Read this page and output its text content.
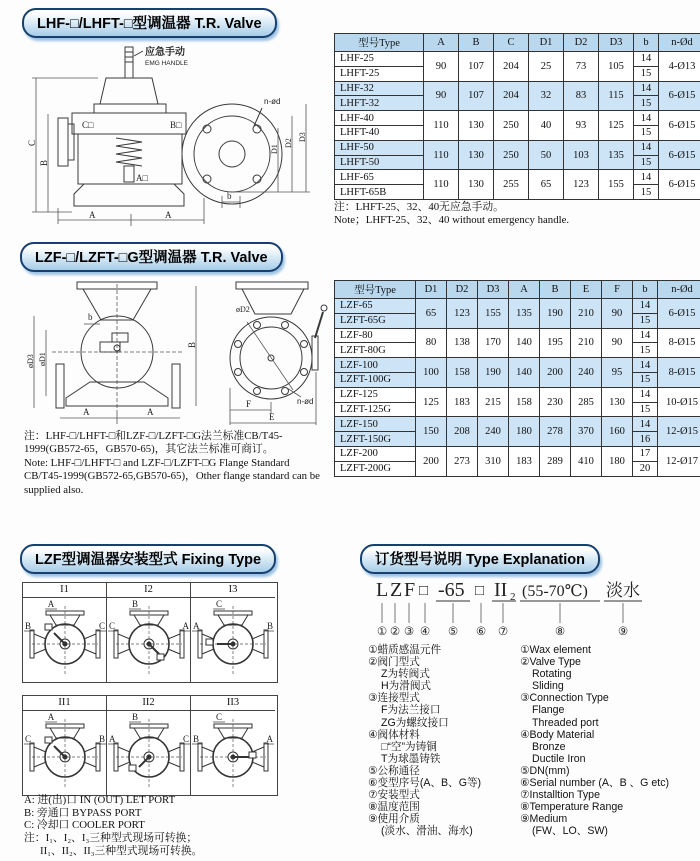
LHF-□/LHFT-□型调温器 T.R. Valve
应急手动
EMG HANDLE
n-ød
C
B
A	A
D1
D2
D3
b
C□	B□
A□
型号Type	A	B	C	D1	D2	D3	b	n-Ød
LHF-25	90	107	204	25	73	105	14	4-Ø13
LHFT-25							15	
LHF-32	90	107	204	32	83	115	14	6-Ø15
LHFT-32							15	
LHF-40	110	130	250	40	93	125	14	6-Ø15
LHFT-40							15	
LHF-50	110	130	250	50	103	135	14	6-Ø15
LHFT-50							15	
LHF-65	110	130	255	65	123	155	14	6-Ø15
LHFT-65B							15	
注：LHFT-25、32、40无应急手动。
Note；LHFT-25、32、40 without emergency handle.
LZF-□/LZFT-□G型调温器 T.R. Valve
b
øD3 øD1
A	A
B
øD2
F
E
n-ød
注：LHF-□/LHFT-□和LZF-□/LZFT-□G法兰标准CB/T45-
1999(GB572-65，GB570-65)，其它法兰标准可商订。
Note: LHF-□/LHFT-□ and LZF-□/LZFT-□G Flange Standard
CB/T45-1999(GB572-65,GB570-65)，Other flange standard can be
supplied also.
型号Type	D1	D2	D3	A	B	E	F	b	n-Ød
LZF-65	65	123	155	135	190	210	90	14	6-Ø15
LZFT-65G								15	
LZF-80	80	138	170	140	195	210	90	14	8-Ø15
LZFT-80G								15	
LZF-100	100	158	190	140	200	240	95	14	8-Ø15
LZFT-100G								15	
LZF-125	125	183	215	158	230	285	130	14	10-Ø15
LZFT-125G								15	
LZF-150	150	208	240	180	278	370	160	14	12-Ø15
LZFT-150G								16	
LZF-200	200	273	310	183	289	410	180	17	12-Ø17
LZFT-200G								20	
LZF型调温器安装型式 Fixing Type
I1	I2	I3
A
B	C
B
C	A
C
A	B
II1	II2	II3
A
C	B
B
A	C
C
B	A
A: 进(出)口 IN (OUT) LET PORT
B: 旁通口 BYPASS PORT
C: 冷却口 COOLER PORT
注：I₁、I₂、I₃三种型式现场可转换；
II₁、II₂、II₃三种型式现场可转换。
订货型号说明 Type Explanation
L Z F □ -65 □ II 2 (55-70℃) 淡水
① ② ③ ④ ⑤ ⑥ ⑦	⑧	⑨
①蜡质感温元件	①Wax element
②阀门型式	②Valve Type
Z为转阀式	Rotating
H为滑阀式	Sliding
③连接型式	③Connection Type
F为法兰接口	Flange
ZG为螺纹接口	Threaded port
④阀体材料	④Body Material
□“空”为铸铜	Bronze
T为球墨铸铁	Ductile Iron
⑤公称通径	⑤DN(mm)
⑥变型序号(A、B、G等)	⑥Serial number (A、B 、G etc)
⑦安装型式	⑦Installtion Type
⑧温度范围	⑧Temperature Range
⑨使用介质	⑨Medium
(淡水、滑油、海水)	(FW、LO、SW)
